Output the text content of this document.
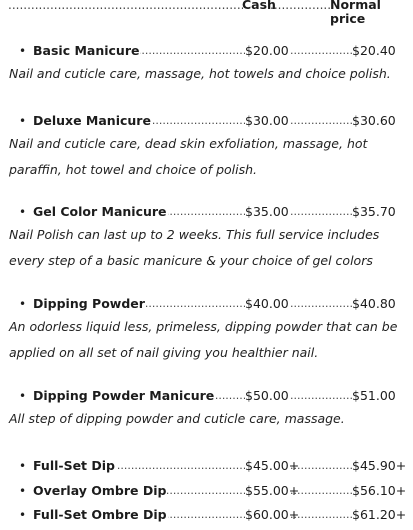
.....
Cash .....	Normal price
• ..... Basic Manicure	$20.00 .....	$20.40
Nail and cuticle care, massage, hot towels and choice polish.
• ..... Deluxe Manicure	$30.00 .....	$30.60
Nail and cuticle care, dead skin exfoliation, massage, hot paraffin, hot towel and choice of polish.
• ..... Gel Color Manicure	$35.00 .....	$35.70
Nail Polish can last up to 2 weeks. This full service includes every step of a basic manicure & your choice of gel colors
• ..... Dipping Powder	$40.00 .....	$40.80
An odorless liquid less, primeless, dipping powder that can be applied on all set of nail giving you healthier nail.
• ..... Dipping Powder Manicure $50.00 .....	$51.00
All step of dipping powder and cuticle care, massage.
• ..... Full-Set Dip	$45.00+ .....	$45.90+
• ..... Overlay Ombre Dip	$55.00+ .....	$56.10+
• ..... Full-Set Ombre Dip	$60.00+ .....	$61.20+
